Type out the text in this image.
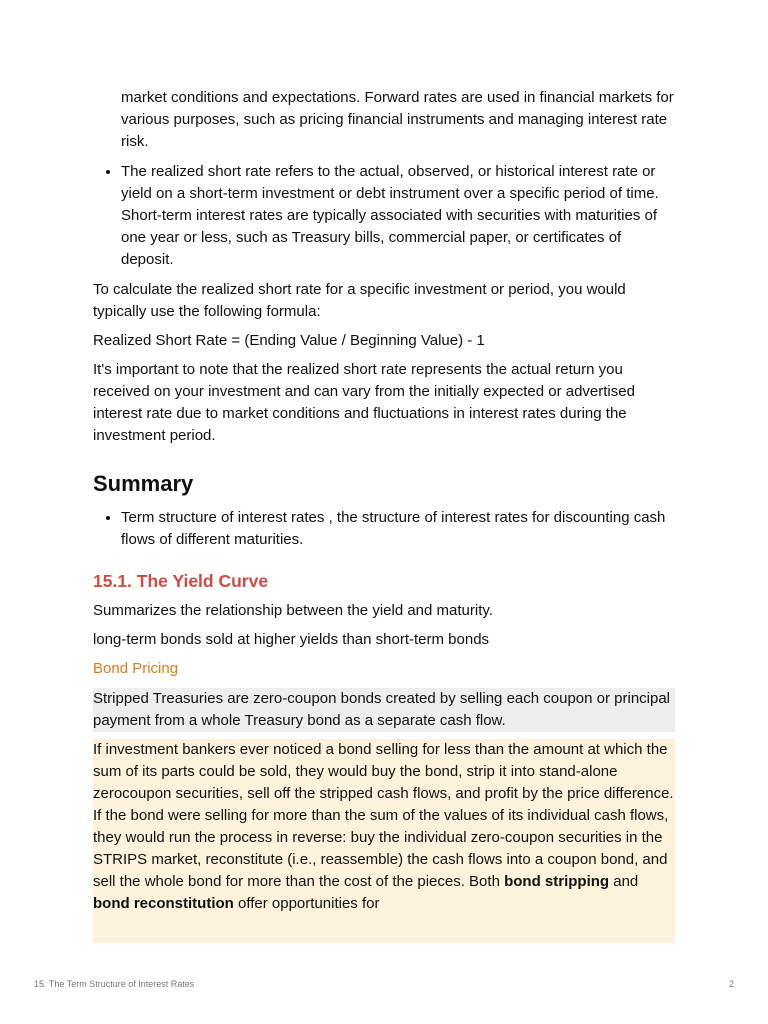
market conditions and expectations. Forward rates are used in financial markets for various purposes, such as pricing financial instruments and managing interest rate risk.
• The realized short rate refers to the actual, observed, or historical interest rate or yield on a short-term investment or debt instrument over a specific period of time. Short-term interest rates are typically associated with securities with maturities of one year or less, such as Treasury bills, commercial paper, or certificates of deposit.

To calculate the realized short rate for a specific investment or period, you would typically use the following formula:

Realized Short Rate = (Ending Value / Beginning Value) - 1

It's important to note that the realized short rate represents the actual return you received on your investment and can vary from the initially expected or advertised interest rate due to market conditions and fluctuations in interest rates during the investment period.

Summary
• Term structure of interest rates , the structure of interest rates for discounting cash flows of different maturities.
15.1. The Yield Curve

Summarizes the relationship between the yield and maturity.

long-term bonds sold at higher yields than short-term bonds

Bond Pricing

Stripped Treasuries are zero-coupon bonds created by selling each coupon or principal payment from a whole Treasury bond as a separate cash flow.

If investment bankers ever noticed a bond selling for less than the amount at which the sum of its parts could be sold, they would buy the bond, strip it into stand-alone zerocoupon securities, sell off the stripped cash flows, and profit by the price difference. If the bond were selling for more than the sum of the values of its individual cash flows, they would run the process in reverse: buy the individual zero-coupon securities in the STRIPS market, reconstitute (i.e., reassemble) the cash flows into a coupon bond, and sell the whole bond for more than the cost of the pieces. Both bond stripping and bond reconstitution offer opportunities for

15. The Term Structure of Interest Rates	2
